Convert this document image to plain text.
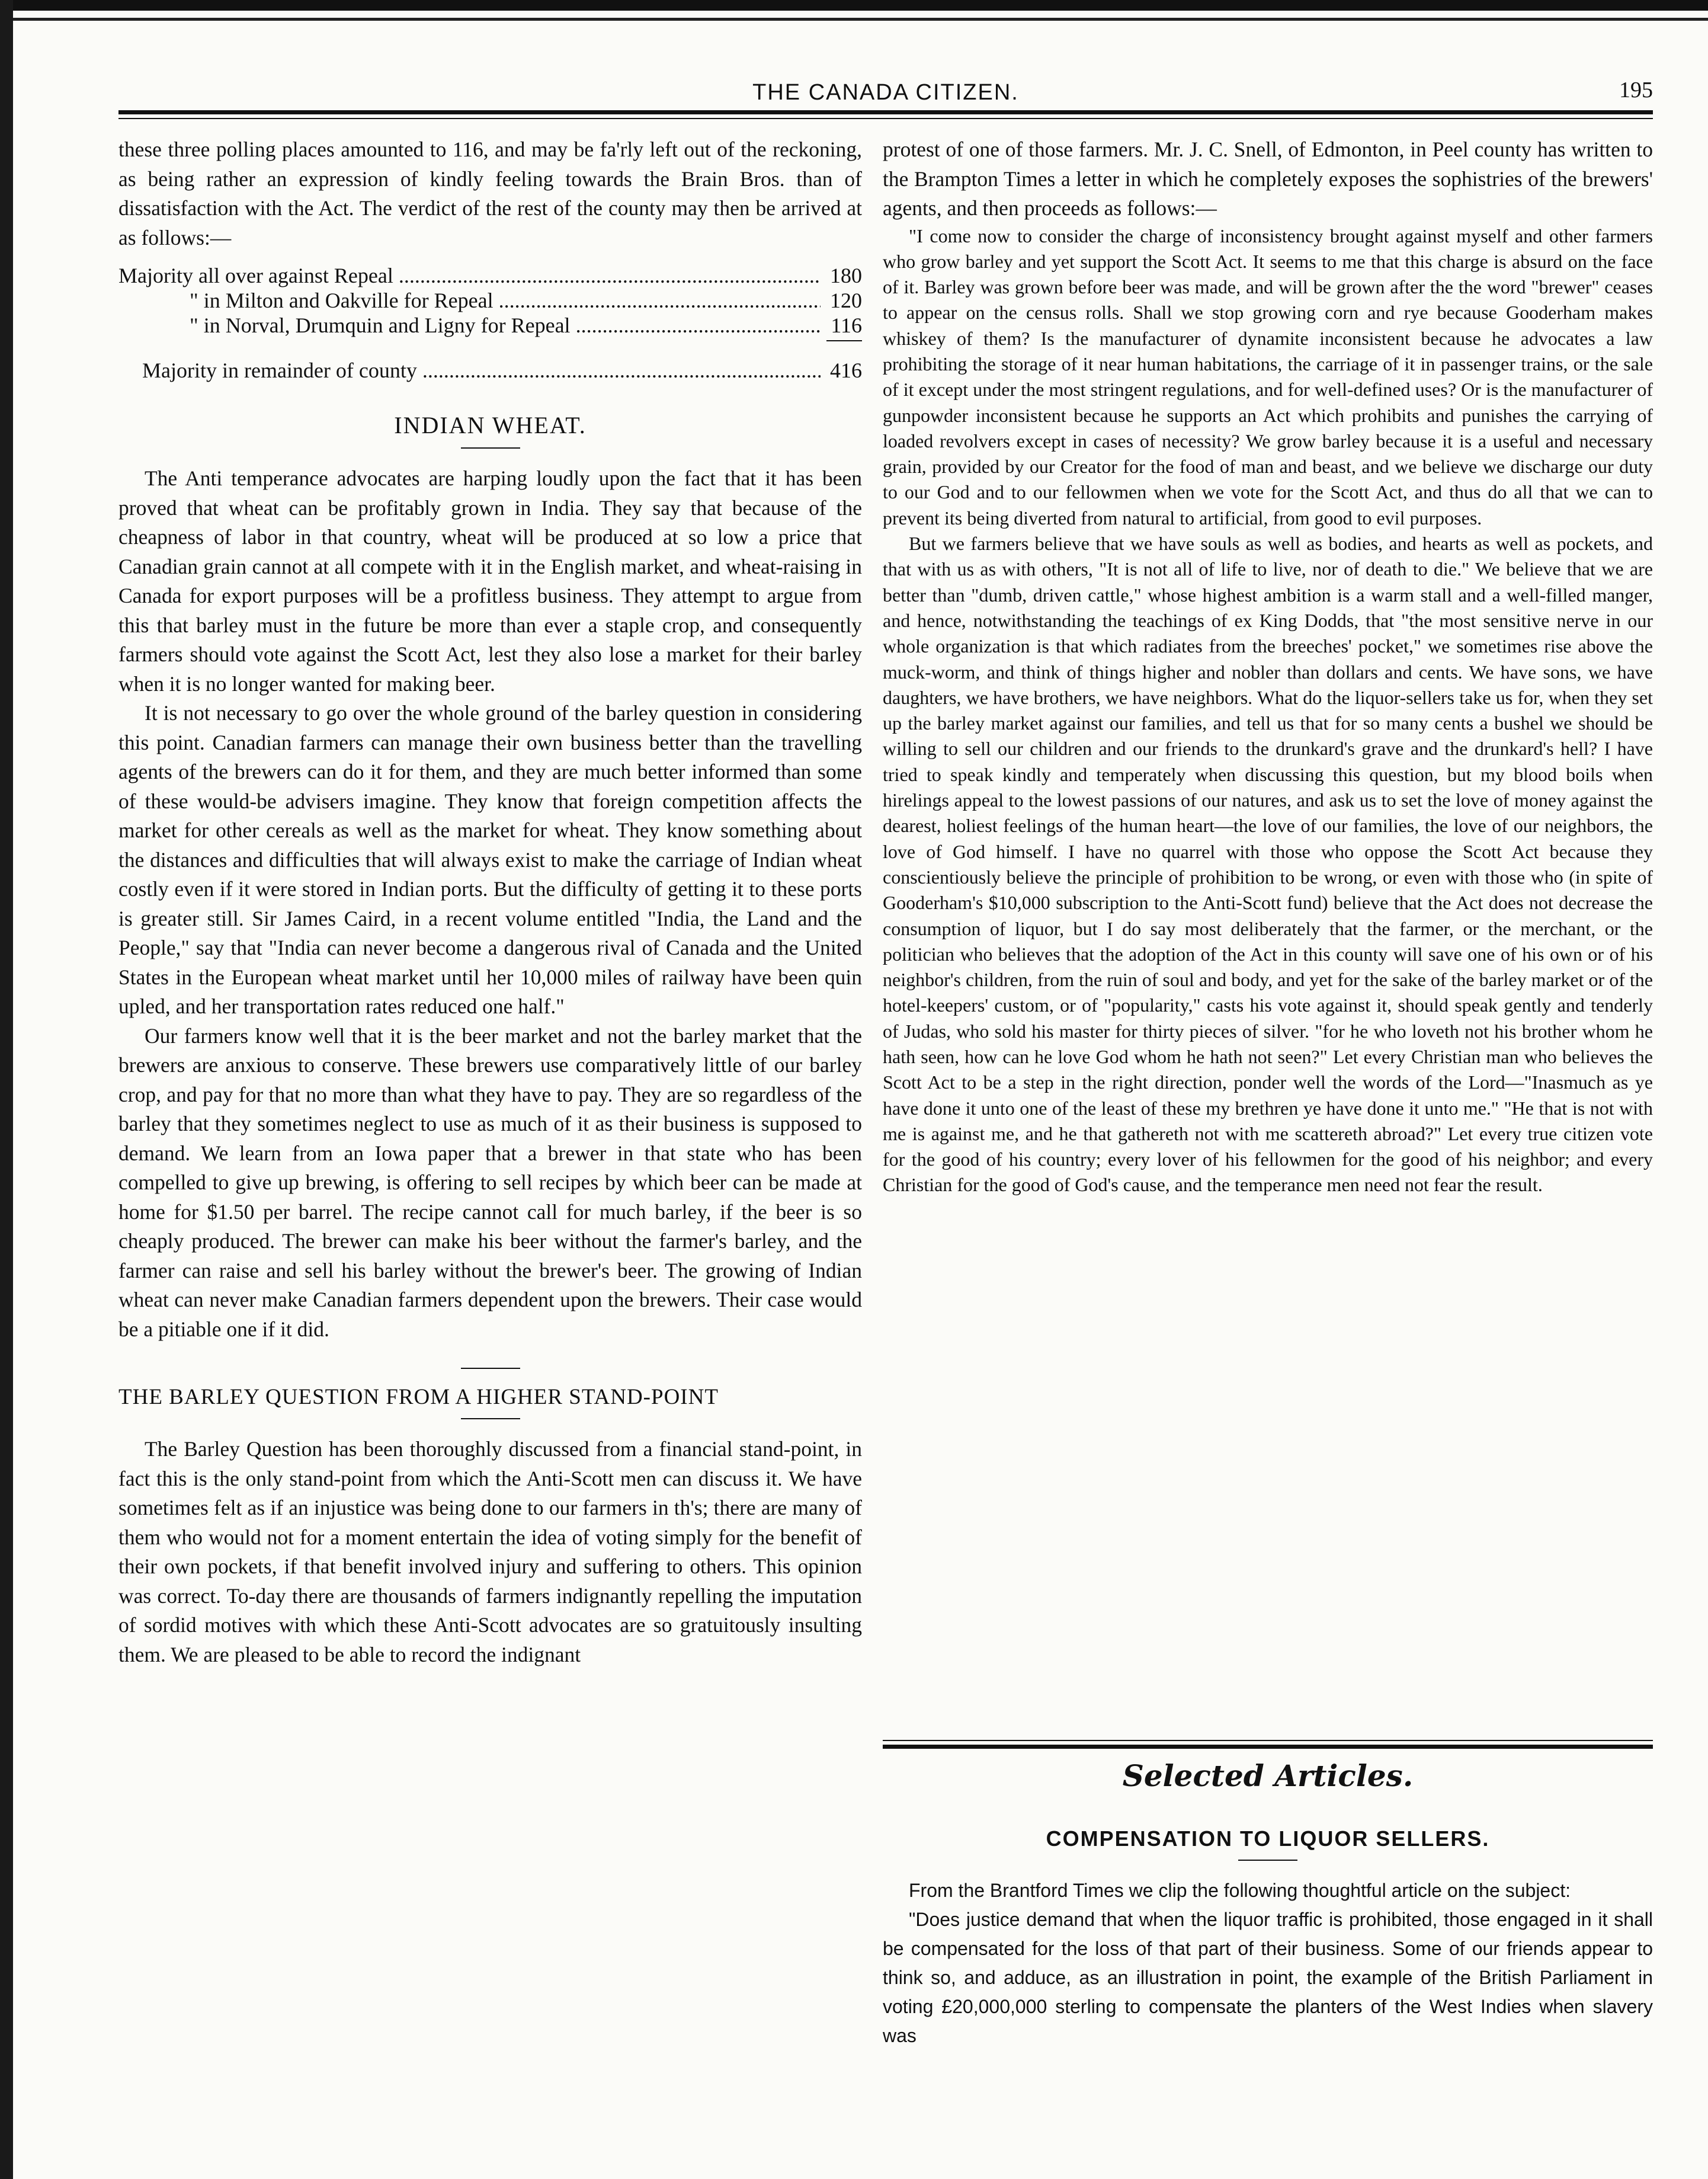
THE CANADA CITIZEN.	195

these three polling places amounted to 116, and may be fa'rly left out of the reckoning, as being rather an expression of kindly feeling towards the Brain Bros. than of dissatisfaction with the Act. The verdict of the rest of the county may then be arrived at as follows:—

Majority all over against Repeal .....	180
" in Milton and Oakville for Repeal .....	120
" in Norval, Drumquin and Ligny for Repeal .....	116
Majority in remainder of county .....	416
INDIAN WHEAT.

The Anti temperance advocates are harping loudly upon the fact that it has been proved that wheat can be profitably grown in India. They say that because of the cheapness of labor in that country, wheat will be produced at so low a price that Canadian grain cannot at all compete with it in the English market, and wheat-raising in Canada for export purposes will be a profitless business. They attempt to argue from this that barley must in the future be more than ever a staple crop, and consequently farmers should vote against the Scott Act, lest they also lose a market for their barley when it is no longer wanted for making beer.

It is not necessary to go over the whole ground of the barley question in considering this point. Canadian farmers can manage their own business better than the travelling agents of the brewers can do it for them, and they are much better informed than some of these would-be advisers imagine. They know that foreign competition affects the market for other cereals as well as the market for wheat. They know something about the distances and difficulties that will always exist to make the carriage of Indian wheat costly even if it were stored in Indian ports. But the difficulty of getting it to these ports is greater still. Sir James Caird, in a recent volume entitled "India, the Land and the People," say that "India can never become a dangerous rival of Canada and the United States in the European wheat market until her 10,000 miles of railway have been quin upled, and her transportation rates reduced one half."

Our farmers know well that it is the beer market and not the barley market that the brewers are anxious to conserve. These brewers use comparatively little of our barley crop, and pay for that no more than what they have to pay. They are so regardless of the barley that they sometimes neglect to use as much of it as their business is supposed to demand. We learn from an Iowa paper that a brewer in that state who has been compelled to give up brewing, is offering to sell recipes by which beer can be made at home for $1.50 per barrel. The recipe cannot call for much barley, if the beer is so cheaply produced. The brewer can make his beer without the farmer's barley, and the farmer can raise and sell his barley without the brewer's beer. The growing of Indian wheat can never make Canadian farmers dependent upon the brewers. Their case would be a pitiable one if it did.

THE BARLEY QUESTION FROM A HIGHER STAND-POINT

The Barley Question has been thoroughly discussed from a financial stand-point, in fact this is the only stand-point from which the Anti-Scott men can discuss it. We have sometimes felt as if an injustice was being done to our farmers in th's; there are many of them who would not for a moment entertain the idea of voting simply for the benefit of their own pockets, if that benefit involved injury and suffering to others. This opinion was correct. To-day there are thousands of farmers indignantly repelling the imputation of sordid motives with which these Anti-Scott advocates are so gratuitously insulting them. We are pleased to be able to record the indignant

protest of one of those farmers. Mr. J. C. Snell, of Edmonton, in Peel county has written to the Brampton Times a letter in which he completely exposes the sophistries of the brewers' agents, and then proceeds as follows:—

"I come now to consider the charge of inconsistency brought against myself and other farmers who grow barley and yet support the Scott Act. It seems to me that this charge is absurd on the face of it. Barley was grown before beer was made, and will be grown after the the word "brewer" ceases to appear on the census rolls. Shall we stop growing corn and rye because Gooderham makes whiskey of them? Is the manufacturer of dynamite inconsistent because he advocates a law prohibiting the storage of it near human habitations, the carriage of it in passenger trains, or the sale of it except under the most stringent regulations, and for well-defined uses? Or is the manufacturer of gunpowder inconsistent because he supports an Act which prohibits and punishes the carrying of loaded revolvers except in cases of necessity? We grow barley because it is a useful and necessary grain, provided by our Creator for the food of man and beast, and we believe we discharge our duty to our God and to our fellowmen when we vote for the Scott Act, and thus do all that we can to prevent its being diverted from natural to artificial, from good to evil purposes.

But we farmers believe that we have souls as well as bodies, and hearts as well as pockets, and that with us as with others, "It is not all of life to live, nor of death to die." We believe that we are better than "dumb, driven cattle," whose highest ambition is a warm stall and a well-filled manger, and hence, notwithstanding the teachings of ex King Dodds, that "the most sensitive nerve in our whole organization is that which radiates from the breeches' pocket," we sometimes rise above the muck-worm, and think of things higher and nobler than dollars and cents. We have sons, we have daughters, we have brothers, we have neighbors. What do the liquor-sellers take us for, when they set up the barley market against our families, and tell us that for so many cents a bushel we should be willing to sell our children and our friends to the drunkard's grave and the drunkard's hell? I have tried to speak kindly and temperately when discussing this question, but my blood boils when hirelings appeal to the lowest passions of our natures, and ask us to set the love of money against the dearest, holiest feelings of the human heart—the love of our families, the love of our neighbors, the love of God himself. I have no quarrel with those who oppose the Scott Act because they conscientiously believe the principle of prohibition to be wrong, or even with those who (in spite of Gooderham's $10,000 subscription to the Anti-Scott fund) believe that the Act does not decrease the consumption of liquor, but I do say most deliberately that the farmer, or the merchant, or the politician who believes that the adoption of the Act in this county will save one of his own or of his neighbor's children, from the ruin of soul and body, and yet for the sake of the barley market or of the hotel-keepers' custom, or of "popularity," casts his vote against it, should speak gently and tenderly of Judas, who sold his master for thirty pieces of silver. "for he who loveth not his brother whom he hath seen, how can he love God whom he hath not seen?" Let every Christian man who believes the Scott Act to be a step in the right direction, ponder well the words of the Lord—"Inasmuch as ye have done it unto one of the least of these my brethren ye have done it unto me." "He that is not with me is against me, and he that gathereth not with me scattereth abroad?" Let every true citizen vote for the good of his country; every lover of his fellowmen for the good of his neighbor; and every Christian for the good of God's cause, and the temperance men need not fear the result.

Selected Articles.
COMPENSATION TO LIQUOR SELLERS.

From the Brantford Times we clip the following thoughtful article on the subject:

"Does justice demand that when the liquor traffic is prohibited, those engaged in it shall be compensated for the loss of that part of their business. Some of our friends appear to think so, and adduce, as an illustration in point, the example of the British Parliament in voting £20,000,000 sterling to compensate the planters of the West Indies when slavery was
